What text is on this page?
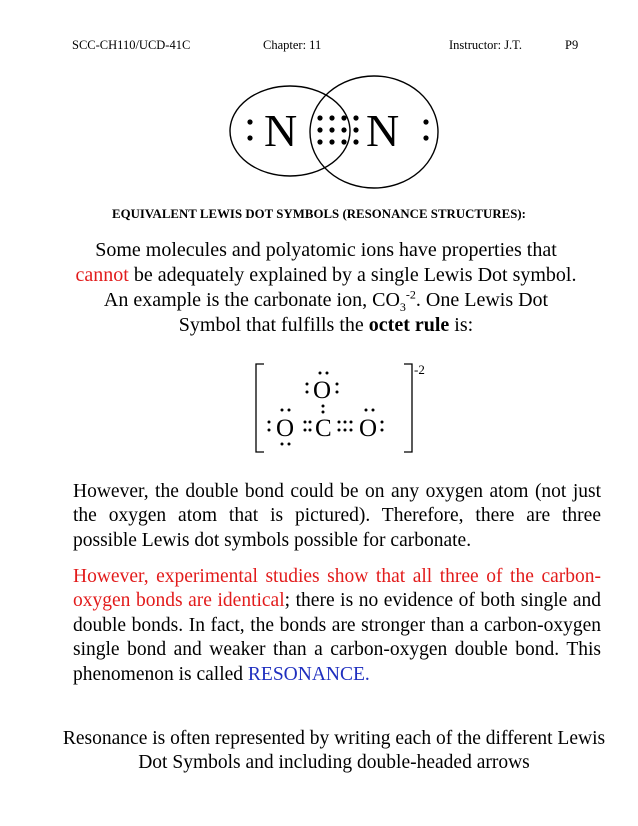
SCC-CH110/UCD-41C	Chapter: 11	Instructor: J.T.	P9
N N
EQUIVALENT LEWIS DOT SYMBOLS (RESONANCE STRUCTURES):
Some molecules and polyatomic ions have properties that
cannot be adequately explained by a single Lewis Dot symbol.
An example is the carbonate ion, $CO_3^{-2}$. One Lewis Dot
Symbol that fulfills the octet rule is:
-2
O
O C O

However, the double bond could be on any oxygen atom (not just the oxygen atom that is pictured). Therefore, there are three possible Lewis dot symbols possible for carbonate.

However, experimental studies show that all three of the carbon-oxygen bonds are identical; there is no evidence of both single and double bonds. In fact, the bonds are stronger than a carbon-oxygen single bond and weaker than a carbon-oxygen double bond. This phenomenon is called RESONANCE.

Resonance is often represented by writing each of the different Lewis Dot Symbols and including double-headed arrows
